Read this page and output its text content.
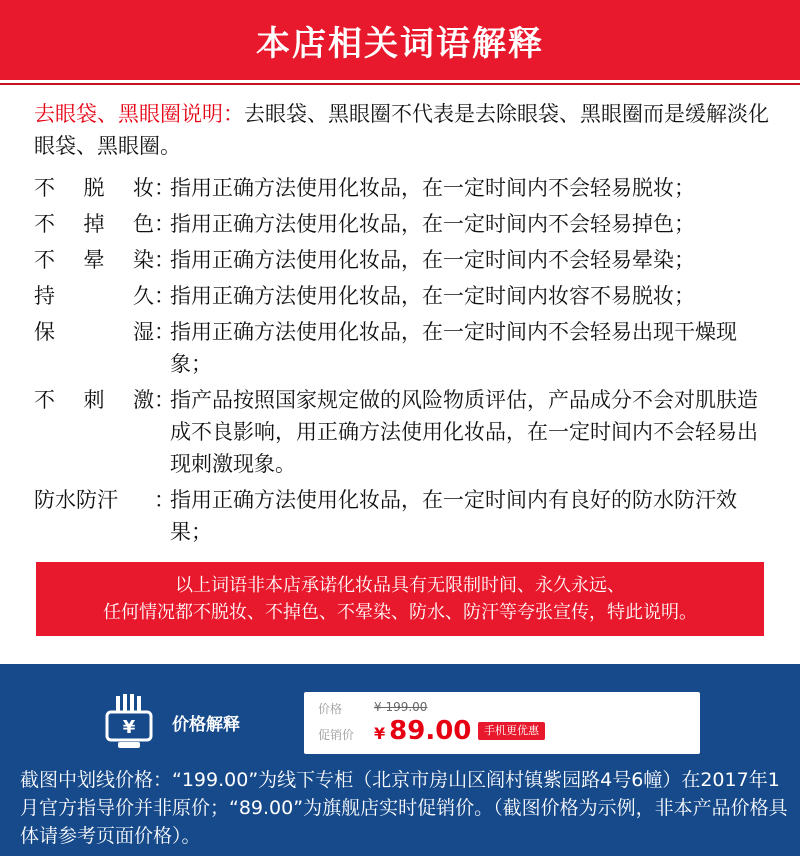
本店相关词语解释
去眼袋、黑眼圈说明：去眼袋、黑眼圈不代表是去除眼袋、黑眼圈而是缓解淡化眼袋、黑眼圈。
不 脱 妆 ：
指用正确方法使用化妆品，在一定时间内不会轻易脱妆；
不 掉 色 ：
指用正确方法使用化妆品，在一定时间内不会轻易掉色；
不 晕 染 ：
指用正确方法使用化妆品，在一定时间内不会轻易晕染；
持	久 ：
指用正确方法使用化妆品，在一定时间内妆容不易脱妆；
保	湿 ：
指用正确方法使用化妆品，在一定时间内不会轻易出现干燥现象；
不 刺 激 ：
指产品按照国家规定做的风险物质评估，产品成分不会对肌肤造成不良影响，用正确方法使用化妆品，在一定时间内不会轻易出现刺激现象。
防水防汗 ：
指用正确方法使用化妆品，在一定时间内有良好的防水防汗效果；
以上词语非本店承诺化妆品具有无限制时间、永久永远、
任何情况都不脱妆、不掉色、不晕染、防水、防汗等夸张宣传，特此说明。
¥ 价格解释
价格	¥ 199.00
促销价 ¥ 89.00	手机更优惠
截图中划线价格：“199.00”为线下专柜（北京市房山区阎村镇紫园路4号6幢）在2017年1月官方指导价并非原价；“89.00”为旗舰店实时促销价。（截图价格为示例，非本产品价格具体请参考页面价格）。
